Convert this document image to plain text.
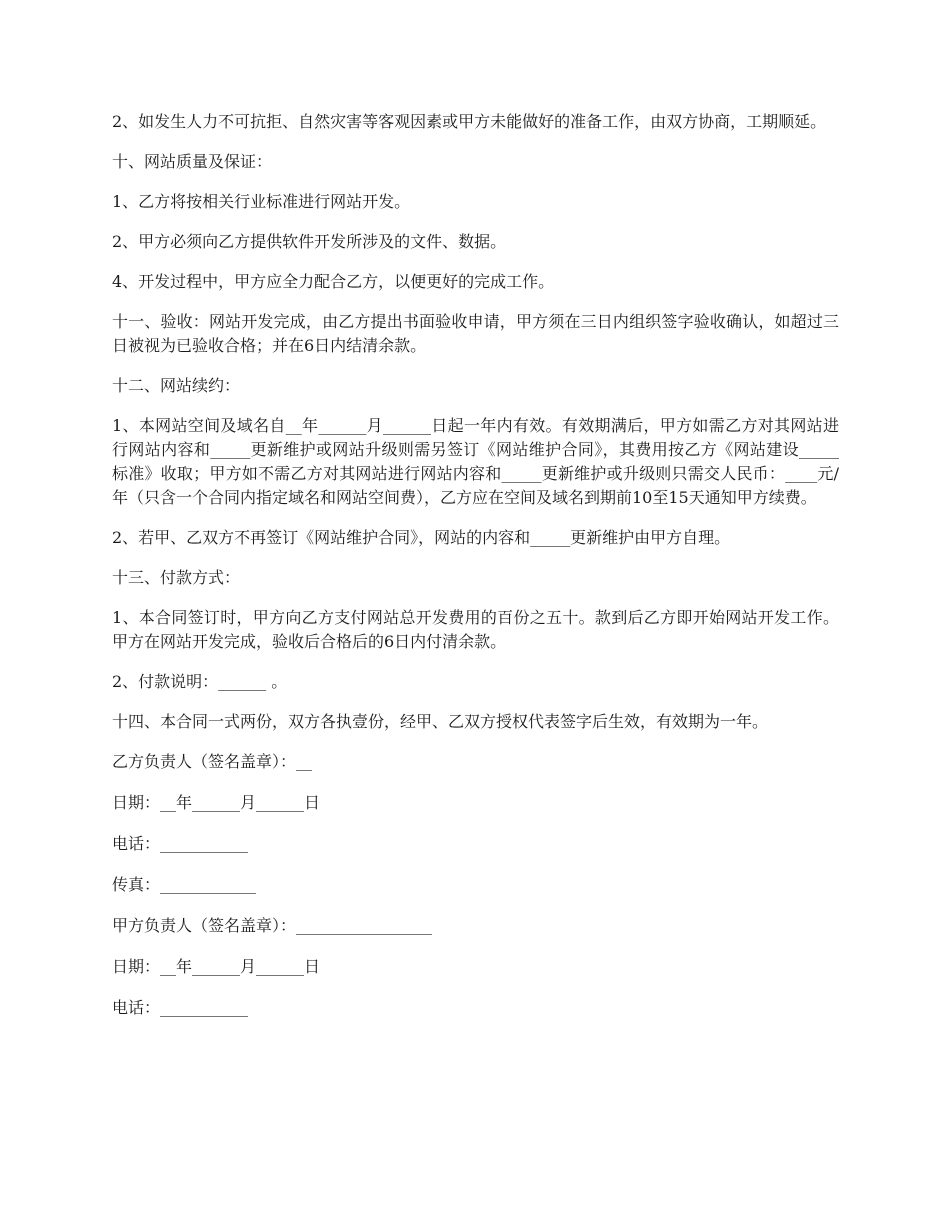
2、如发生人力不可抗拒、自然灾害等客观因素或甲方未能做好的准备工作，由双方协商，工期顺延。

十、网站质量及保证：

1、乙方将按相关行业标准进行网站开发。

2、甲方必须向乙方提供软件开发所涉及的文件、数据。

4、开发过程中，甲方应全力配合乙方，以便更好的完成工作。

十一、验收：网站开发完成，由乙方提出书面验收申请，甲方须在三日内组织签字验收确认，如超过三日被视为已验收合格；并在6日内结清余款。

十二、网站续约：

1、本网站空间及域名自__年______月______日起一年内有效。有效期满后，甲方如需乙方对其网站进行网站内容和_____更新维护或网站升级则需另签订《网站维护合同》，其费用按乙方《网站建设_____标准》收取；甲方如不需乙方对其网站进行网站内容和_____更新维护或升级则只需交人民币：____元/年（只含一个合同内指定域名和网站空间费），乙方应在空间及域名到期前10至15天通知甲方续费。

2、若甲、乙双方不再签订《网站维护合同》，网站的内容和_____更新维护由甲方自理。

十三、付款方式：

1、本合同签订时，甲方向乙方支付网站总开发费用的百份之五十。款到后乙方即开始网站开发工作。甲方在网站开发完成，验收后合格后的6日内付清余款。

2、付款说明：______ 。

十四、本合同一式两份，双方各执壹份，经甲、乙双方授权代表签字后生效，有效期为一年。

乙方负责人（签名盖章）：__

日期：__年______月______日

电话：___________

传真：____________

甲方负责人（签名盖章）：_________________

日期：__年______月______日

电话：___________
